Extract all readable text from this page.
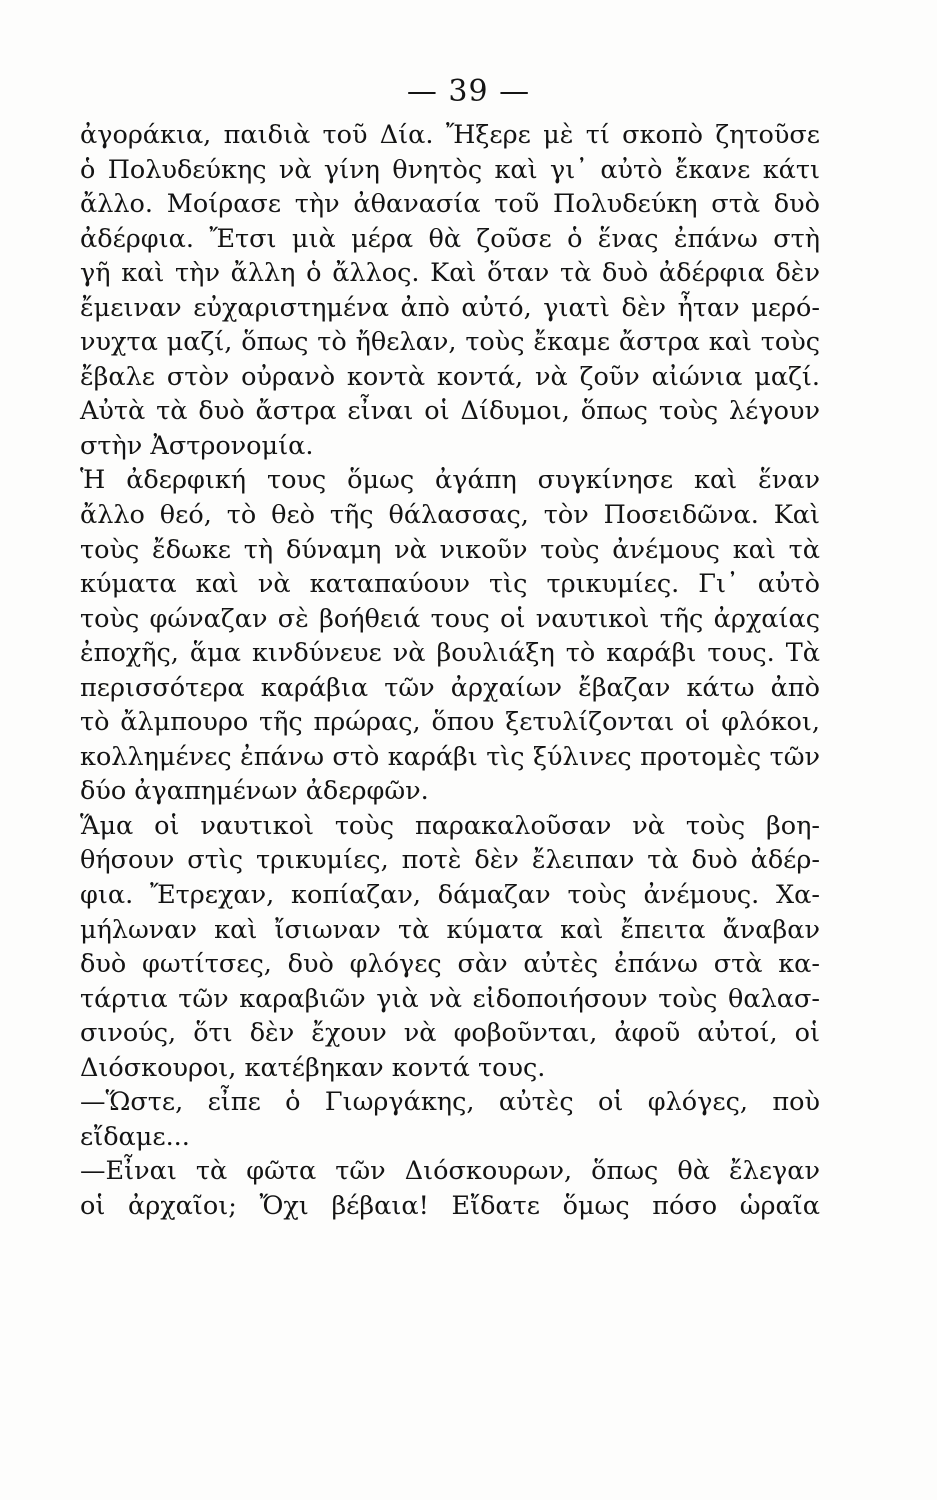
— 39 —
ἀγοράκια, παιδιὰ τοῦ Δία. Ἤξερε μὲ τί σκοπὸ ζητοῦσε
ὁ Πολυδεύκης νὰ γίνη θνητὸς καὶ γι᾽ αὐτὸ ἔκανε κάτι
ἄλλο. Μοίρασε τὴν ἀθανασία τοῦ Πολυδεύκη στὰ δυὸ
ἀδέρφια. Ἔτσι μιὰ μέρα θὰ ζοῦσε ὁ ἕνας ἐπάνω στὴ
γῆ καὶ τὴν ἄλλη ὁ ἄλλος. Καὶ ὅταν τὰ δυὸ ἀδέρφια δὲν
ἔμειναν εὐχαριστημένα ἀπὸ αὐτό, γιατὶ δὲν ἦταν μερό-
νυχτα μαζί, ὅπως τὸ ἤθελαν, τοὺς ἔκαμε ἄστρα καὶ τοὺς
ἔβαλε στὸν οὐρανὸ κοντὰ κοντά, νὰ ζοῦν αἰώνια μαζί.
Αὐτὰ τὰ δυὸ ἄστρα εἶναι οἱ Δίδυμοι, ὅπως τοὺς λέγουν
στὴν Ἀστρονομία.
Ἡ ἀδερφική τους ὅμως ἀγάπη συγκίνησε καὶ ἕναν
ἄλλο θεό, τὸ θεὸ τῆς θάλασσας, τὸν Ποσειδῶνα. Καὶ
τοὺς ἔδωκε τὴ δύναμη νὰ νικοῦν τοὺς ἀνέμους καὶ τὰ
κύματα καὶ νὰ καταπαύουν τὶς τρικυμίες. Γι᾽ αὐτὸ
τοὺς φώναζαν σὲ βοήθειά τους οἱ ναυτικοὶ τῆς ἀρχαίας
ἐποχῆς, ἅμα κινδύνευε νὰ βουλιάξη τὸ καράβι τους. Τὰ
περισσότερα καράβια τῶν ἀρχαίων ἔβαζαν κάτω ἀπὸ
τὸ ἄλμπουρο τῆς πρώρας, ὅπου ξετυλίζονται οἱ φλόκοι,
κολλημένες ἐπάνω στὸ καράβι τὶς ξύλινες προτομὲς τῶν
δύο ἀγαπημένων ἀδερφῶν.
Ἅμα οἱ ναυτικοὶ τοὺς παρακαλοῦσαν νὰ τοὺς βοη-
θήσουν στὶς τρικυμίες, ποτὲ δὲν ἔλειπαν τὰ δυὸ ἀδέρ-
φια. Ἔτρεχαν, κοπίαζαν, δάμαζαν τοὺς ἀνέμους. Χα-
μήλωναν καὶ ἴσιωναν τὰ κύματα καὶ ἔπειτα ἄναβαν
δυὸ φωτίτσες, δυὸ φλόγες σὰν αὐτὲς ἐπάνω στὰ κα-
τάρτια τῶν καραβιῶν γιὰ νὰ εἰδοποιήσουν τοὺς θαλασ-
σινούς, ὅτι δὲν ἔχουν νὰ φοβοῦνται, ἀφοῦ αὐτοί, οἱ
Διόσκουροι, κατέβηκαν κοντά τους.
—Ὥστε, εἶπε ὁ Γιωργάκης, αὐτὲς οἱ φλόγες, ποὺ
εἴδαμε...
—Εἶναι τὰ φῶτα τῶν Διόσκουρων, ὅπως θὰ ἔλεγαν
οἱ ἀρχαῖοι; Ὄχι βέβαια! Εἴδατε ὅμως πόσο ὡραῖα
